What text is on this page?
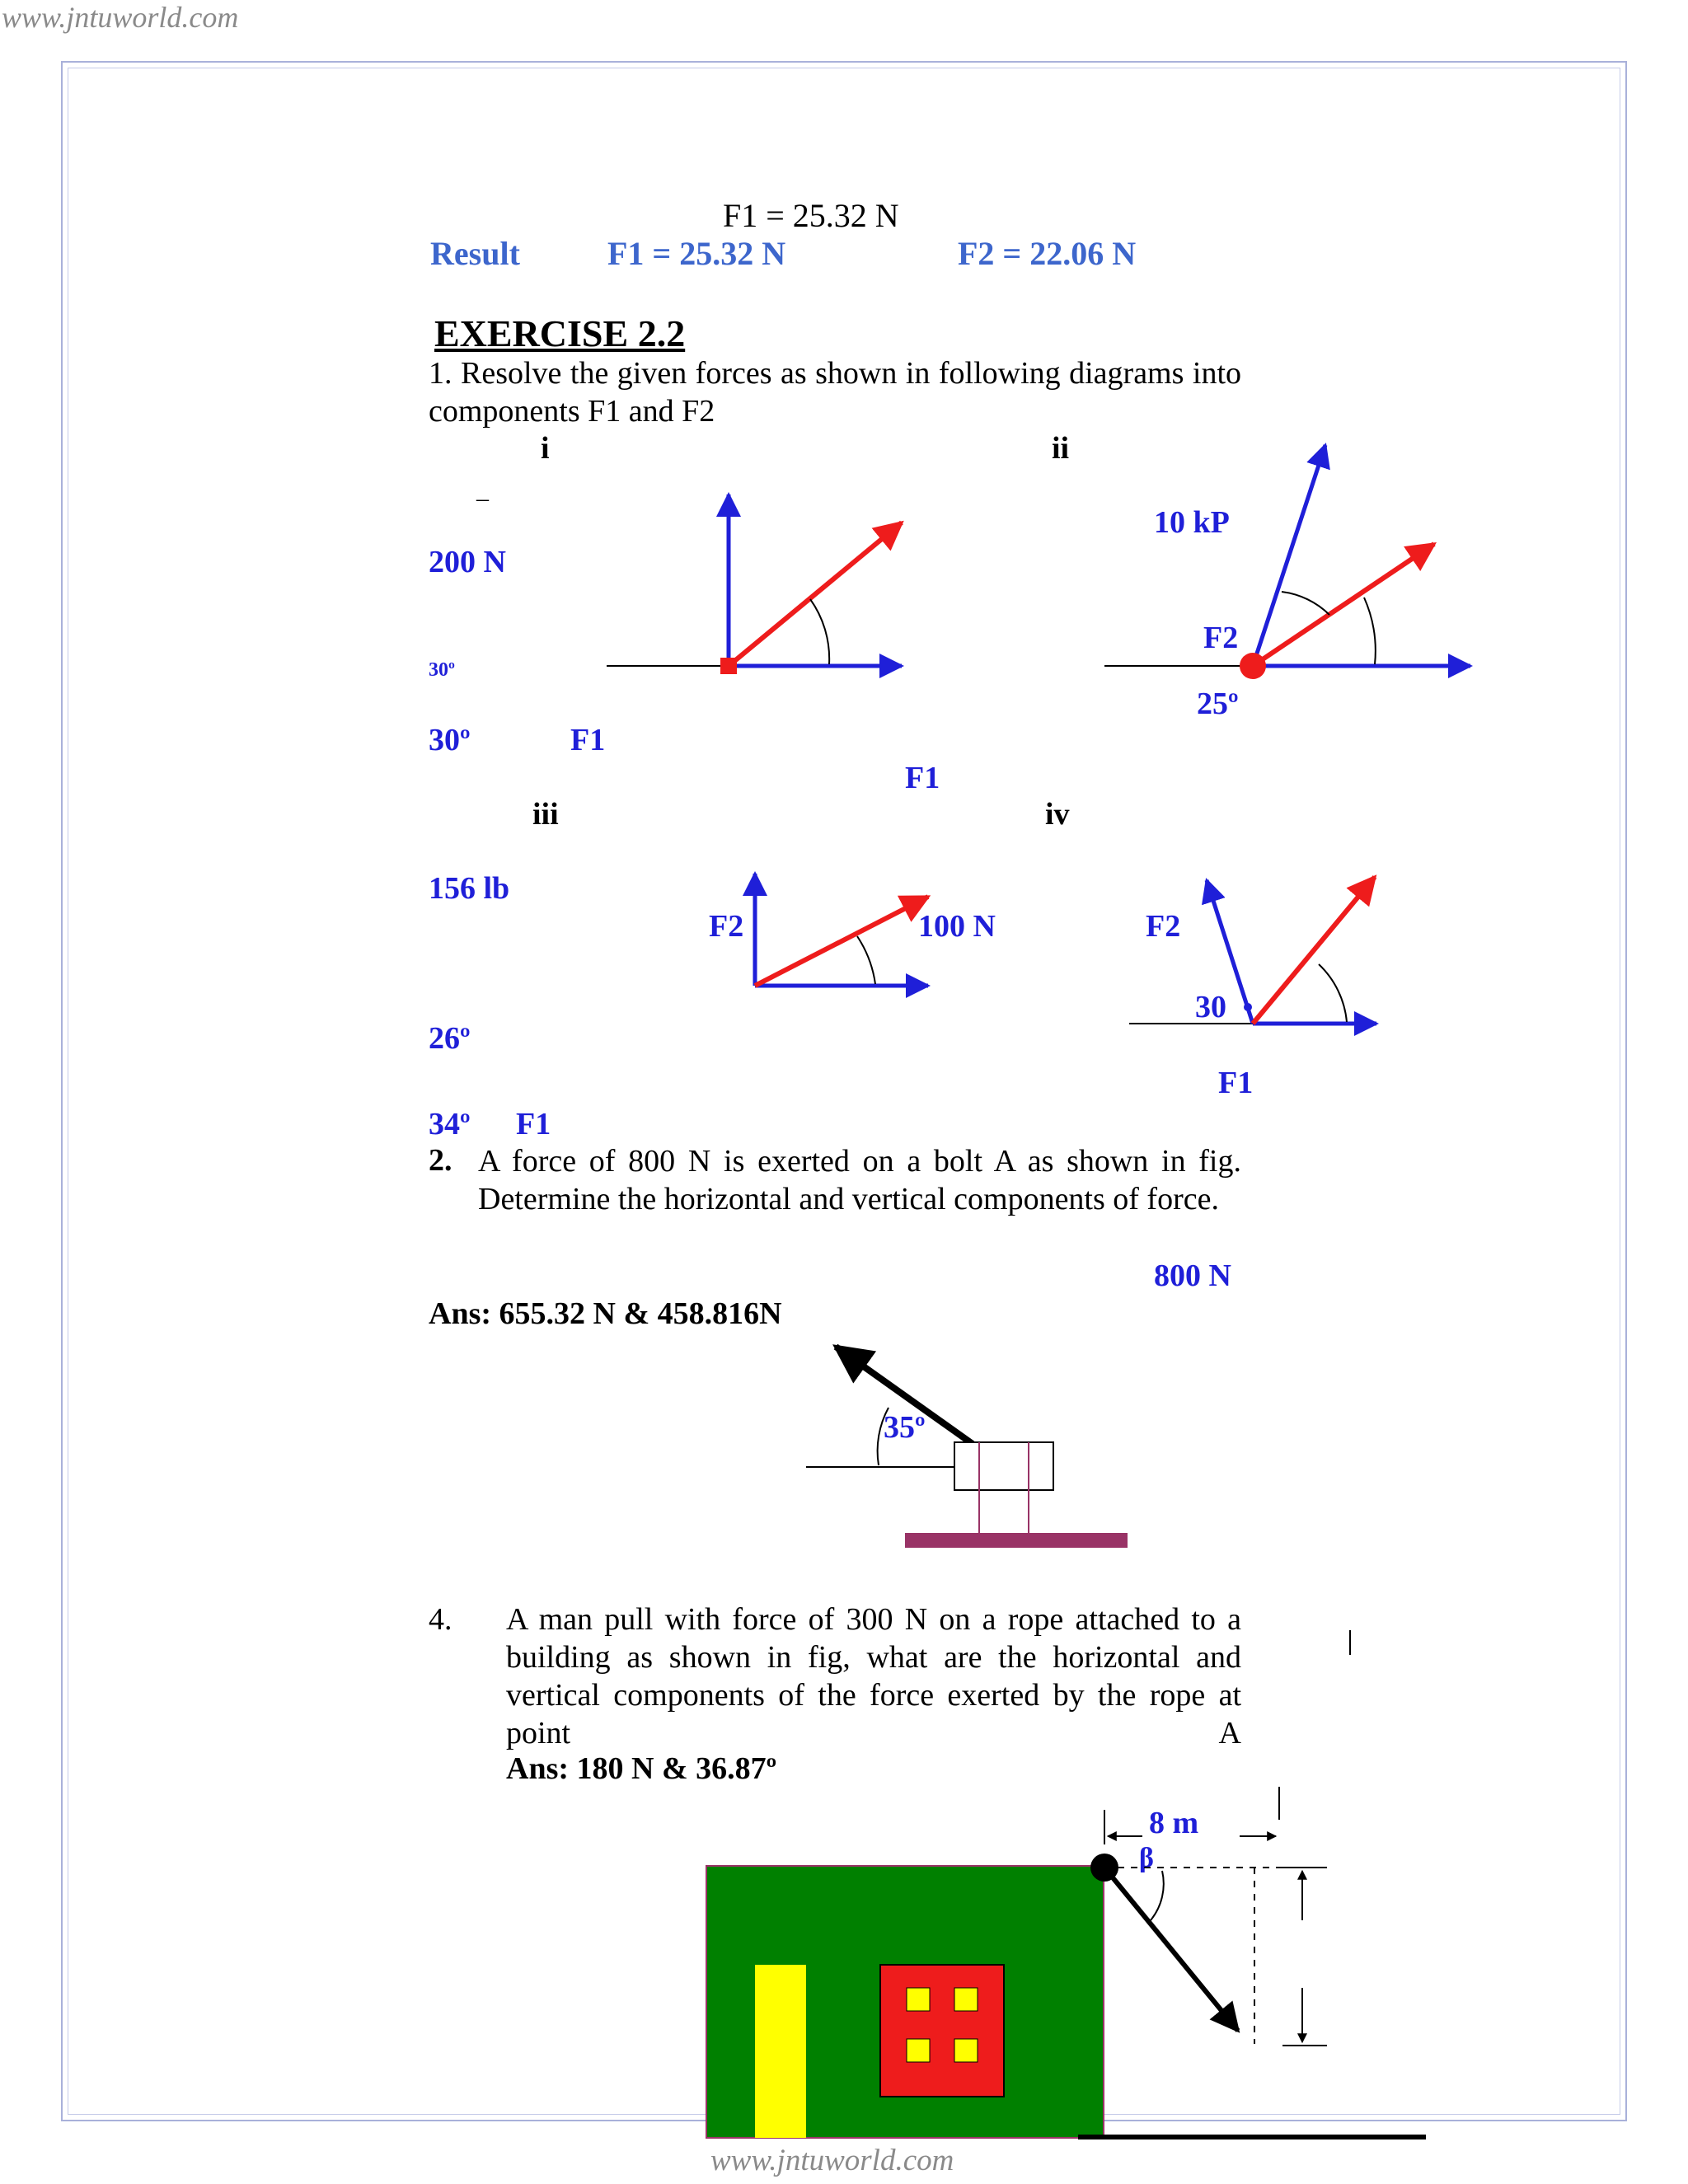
www.jntuworld.com
www.jntuworld.com
F1 = 25.32 N
Result	F1 = 25.32 N	F2 = 22.06 N
EXERCISE 2.2
1. Resolve the given forces as shown in following diagrams into components F1 and F2
i	ii
iii	iv
_
200 N
30º
30º	F1
10 kP
F2
25º
F1
156 lb
F2
26º
100 N	F2
30
F1
34º F1
2. A force of 800 N is exerted on a bolt A as shown in fig. Determine the horizontal and vertical components of force.
800 N
Ans: 655.32 N & 458.816N
35º
4. A man pull with force of 300 N on a rope attached to a building as shown in fig, what are the horizontal and vertical components of the force exerted by the rope at point	A
Ans: 180 N & 36.87º
8 m
β
